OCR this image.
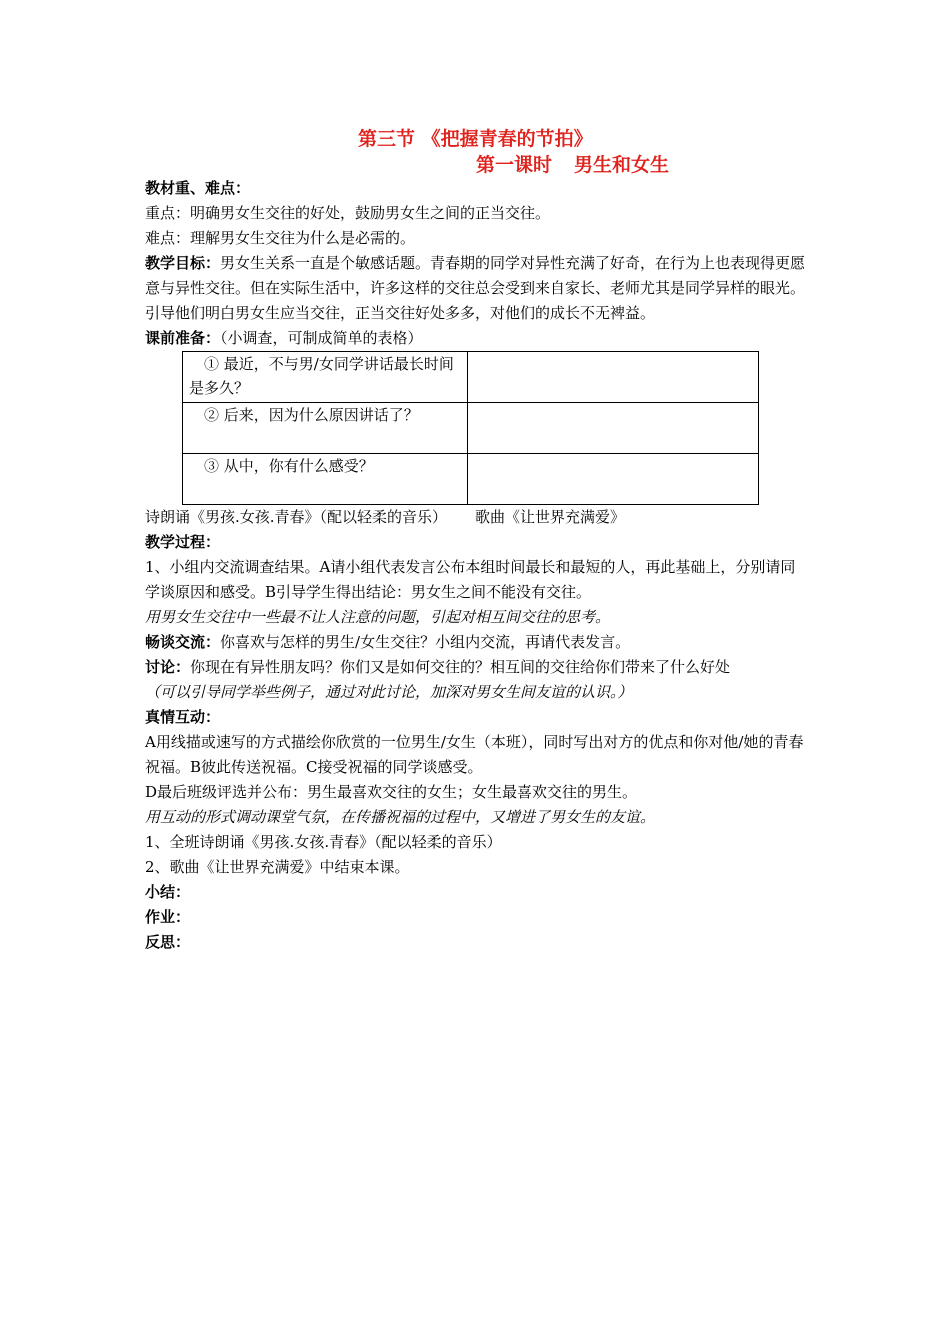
第三节 《把握青春的节拍》
第一课时 男生和女生

教材重、难点：

重点：明确男女生交往的好处，鼓励男女生之间的正当交往。

难点：理解男女生交往为什么是必需的。

教学目标：男女生关系一直是个敏感话题。青春期的同学对异性充满了好奇，在行为上也表现得更愿意与异性交往。但在实际生活中，许多这样的交往总会受到来自家长、老师尤其是同学异样的眼光。引导他们明白男女生应当交往，正当交往好处多多，对他们的成长不无裨益。

课前准备：（小调查，可制成简单的表格）

① 最近，不与男/女同学讲话最长时间是多久？	
② 后来，因为什么原因讲话了？	
③ 从中，你有什么感受？	

诗朗诵《男孩.女孩.青春》（配以轻柔的音乐） 歌曲《让世界充满爱》

教学过程：

1、小组内交流调查结果。A请小组代表发言公布本组时间最长和最短的人，再此基础上，分别请同学谈原因和感受。B引导学生得出结论：男女生之间不能没有交往。

用男女生交往中一些最不让人注意的问题，引起对相互间交往的思考。

畅谈交流：你喜欢与怎样的男生/女生交往？小组内交流，再请代表发言。

讨论：你现在有异性朋友吗？你们又是如何交往的？相互间的交往给你们带来了什么好处

（可以引导同学举些例子，通过对此讨论，加深对男女生间友谊的认识。）

真情互动：

A用线描或速写的方式描绘你欣赏的一位男生/女生（本班），同时写出对方的优点和你对他/她的青春祝福。B彼此传送祝福。C接受祝福的同学谈感受。

D最后班级评选并公布：男生最喜欢交往的女生；女生最喜欢交往的男生。

用互动的形式调动课堂气氛，在传播祝福的过程中，又增进了男女生的友谊。

1、全班诗朗诵《男孩.女孩.青春》（配以轻柔的音乐）

2、歌曲《让世界充满爱》中结束本课。

小结：

作业：

反思：
